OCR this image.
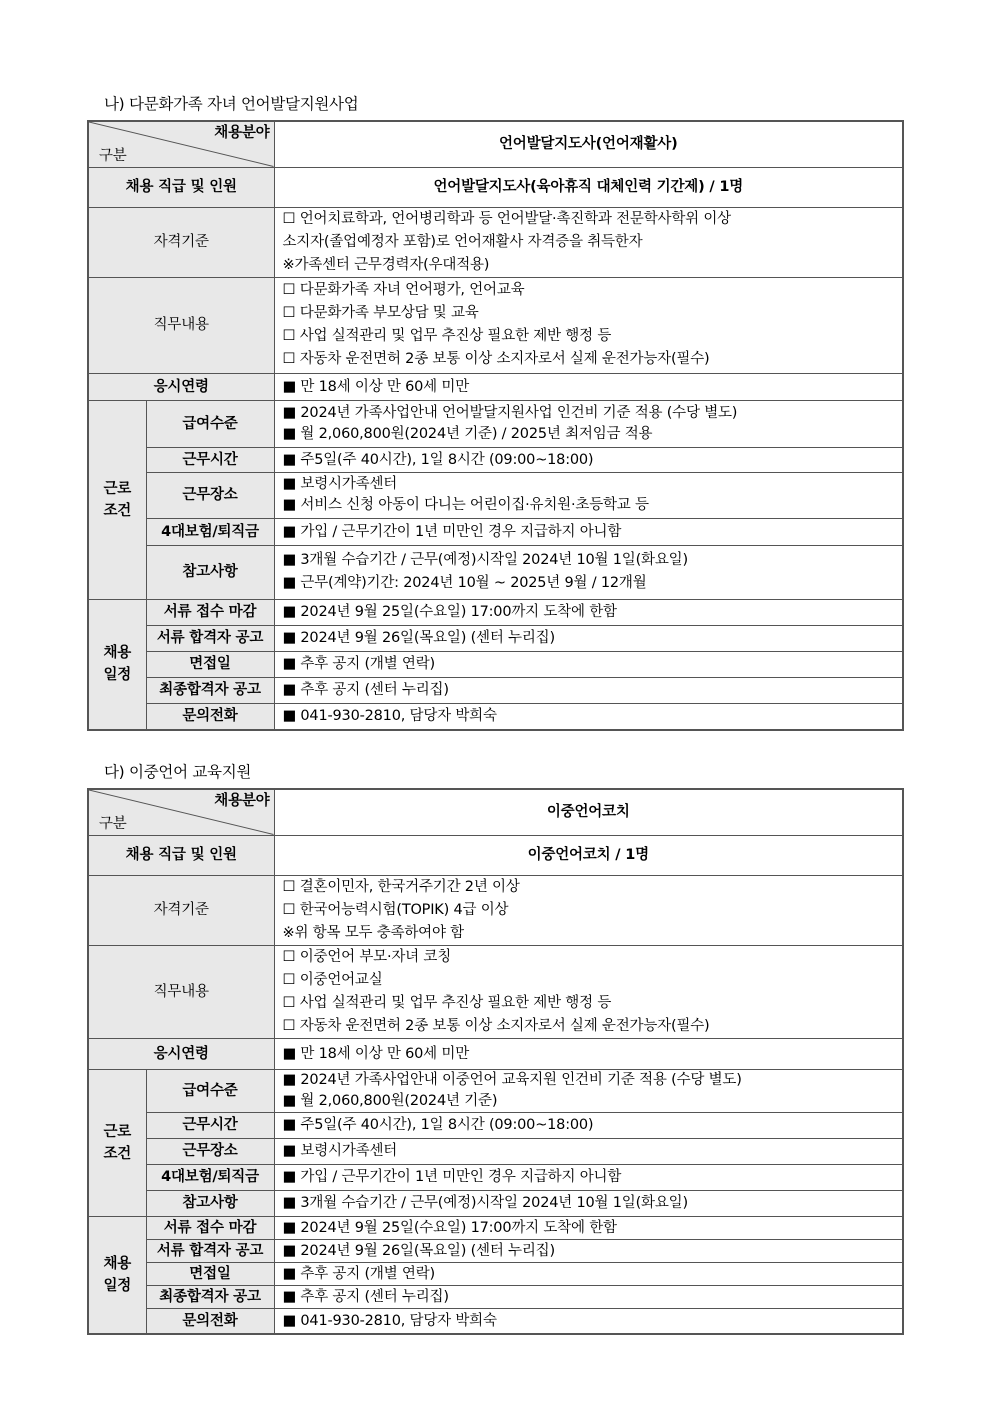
나) 다문화가족 자녀 언어발달지원사업
채용분야
구분		언어발달지도사(언어재활사)
채용 직급 및 인원		언어발달지도사(육아휴직 대체인력 기간제) / 1명
자격기준		☐ 언어치료학과, 언어병리학과 등 언어발달·촉진학과 전문학사학위 이상
소지자(졸업예정자 포함)로 언어재활사 자격증을 취득한자
※가족센터 근무경력자(우대적용)

직무내용		☐ 다문화가족 자녀 언어평가, 언어교육
☐ 다문화가족 부모상담 및 교육
☐ 사업 실적관리 및 업무 추진상 필요한 제반 행정 등
☐ 자동차 운전면허 2종 보통 이상 소지자로서 실제 운전가능자(필수)

응시연령		■ 만 18세 이상 만 60세 미만

근로
조건	급여수준	■ 2024년 가족사업안내 언어발달지원사업 인건비 기준 적용 (수당 별도)
■ 월 2,060,800원(2024년 기준) / 2025년 최저임금 적용

	근무시간	■ 주5일(주 40시간), 1일 8시간 (09:00~18:00)
	근무장소	■ 보령시가족센터
■ 서비스 신청 아동이 다니는 어린이집·유치원·초등학교 등

	4대보험/퇴직금	■ 가입 / 근무기간이 1년 미만인 경우 지급하지 아니함
	참고사항	■ 3개월 수습기간 / 근무(예정)시작일 2024년 10월 1일(화요일)
■ 근무(계약)기간: 2024년 10월 ~ 2025년 9월 / 12개월

채용
일정	서류 접수 마감	■ 2024년 9월 25일(수요일) 17:00까지 도착에 한함
	서류 합격자 공고	■ 2024년 9월 26일(목요일) (센터 누리집)
	면접일	■ 추후 공지 (개별 연락)
	최종합격자 공고	■ 추후 공지 (센터 누리집)
	문의전화	■ 041-930-2810, 담당자 박희숙
다) 이중언어 교육지원
채용분야
구분		이중언어코치
채용 직급 및 인원		이중언어코치 / 1명
자격기준		☐ 결혼이민자, 한국거주기간 2년 이상
☐ 한국어능력시험(TOPIK) 4급 이상
※위 항목 모두 충족하여야 함

직무내용		☐ 이중언어 부모·자녀 코칭
☐ 이중언어교실
☐ 사업 실적관리 및 업무 추진상 필요한 제반 행정 등
☐ 자동차 운전면허 2종 보통 이상 소지자로서 실제 운전가능자(필수)

응시연령		■ 만 18세 이상 만 60세 미만

근로
조건	급여수준	■ 2024년 가족사업안내 이중언어 교육지원 인건비 기준 적용 (수당 별도)
■ 월 2,060,800원(2024년 기준)

	근무시간	■ 주5일(주 40시간), 1일 8시간 (09:00~18:00)
	근무장소	■ 보령시가족센터
	4대보험/퇴직금	■ 가입 / 근무기간이 1년 미만인 경우 지급하지 아니함
	참고사항	■ 3개월 수습기간 / 근무(예정)시작일 2024년 10월 1일(화요일)

채용
일정	서류 접수 마감	■ 2024년 9월 25일(수요일) 17:00까지 도착에 한함
	서류 합격자 공고	■ 2024년 9월 26일(목요일) (센터 누리집)
	면접일	■ 추후 공지 (개별 연락)
	최종합격자 공고	■ 추후 공지 (센터 누리집)
	문의전화	■ 041-930-2810, 담당자 박희숙
